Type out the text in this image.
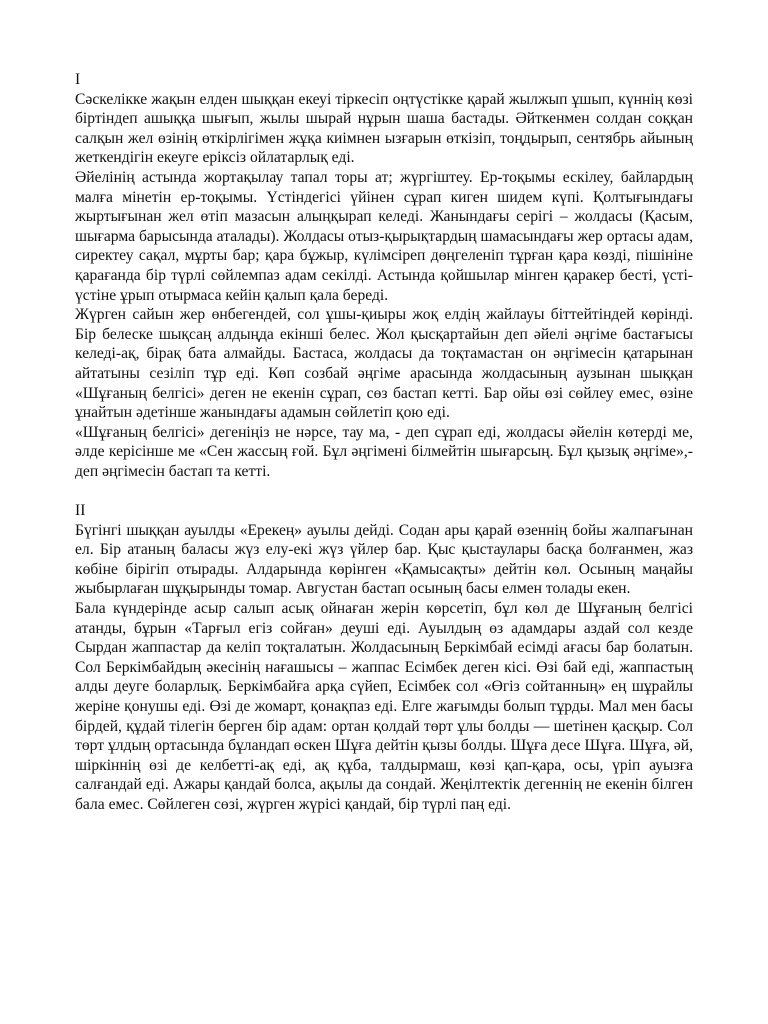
I

Сәскелікке жақын елден шыққан екеуі тіркесіп оңтүстікке қарай жылжып ұшып, күннің көзі біртіндеп ашыққа шығып, жылы шырай нұрын шаша бастады. Әйткенмен солдан соққан салқын жел өзінің өткірлігімен жұқа киімнен ызғарын өткізіп, тоңдырып, сентябрь айының жеткендігін екеуге ерiксiз ойлатарлық еді.

Әйелінің астында жортақылау тапал торы ат; жүргіштеу. Ер-тоқымы ескілеу, байлардың малға мінетін ер-тоқымы. Үстіндегісі үйінен сұрап киген шидем күпі. Қолтығындағы жыртығынан жел өтіп мазасын алыңқырап келеді. Жанындағы серігі – жолдасы (Қасым, шығарма барысында аталады). Жолдасы отыз-қырықтардың шамасындағы жер ортасы адам, сиректеу сақал, мұрты бар; қара бұжыр, күлімсіреп дөңгеленіп тұрған қара көзді, пішініне қарағанда бір түрлі сөйлемпаз адам секілді. Астында қойшылар мінген қаракер бесті, үсті-үстіне ұрып отырмаса кейін қалып қала береді.

Жүрген сайын жер өнбегендей, сол ұшы-қиыры жоқ елдің жайлауы біттейтіндей көрінді. Бір белеске шықсаң алдыңда екінші белес. Жол қысқартайын деп әйелі әңгіме бастағысы келеді-ақ, бірақ бата алмайды. Бастаса, жолдасы да тоқтамастан он әңгімесін қатарынан айтатыны сезіліп тұр еді. Көп созбай әңгіме арасында жолдасының аузынан шыққан «Шұғаның белгісі» деген не екенін сұрап, сөз бастап кетті. Бар ойы өзі сөйлеу емес, өзіне ұнайтын әдетінше жанындағы адамын сөйлетіп қою еді.

«Шұғаның белгісі» дегеніңіз не нәрсе, тау ма, - деп сұрап еді, жолдасы әйелін көтерді ме, әлде керісінше ме «Сен жассың ғой. Бұл әңгімені білмейтін шығарсың. Бұл қызық әңгіме»,-деп әңгімесін бастап та кетті.

II

Бүгінгі шыққан ауылды «Ерекең» ауылы дейді. Содан ары қарай өзеннің бойы жалпағынан ел. Бір атаның баласы жүз елу-екі жүз үйлер бар. Қыс қыстаулары басқа болғанмен, жаз көбіне бірігіп отырады. Алдарында көрінген «Қамысақты» дейтін көл. Осының маңайы жыбырлаған шұқырынды томар. Августан бастап осының басы елмен толады екен.

Бала күндерінде асыр салып асық ойнаған жерін көрсетіп, бұл көл де Шұғаның белгісі атанды, бұрын «Тарғыл егіз сойған» деуші еді. Ауылдың өз адамдары аздай сол кезде Сырдан жаппастар да келіп тоқталатын. Жолдасының Беркімбай есімді ағасы бар болатын. Сол Беркімбайдың әкесінің нағашысы – жаппас Есімбек деген кісі. Өзі бай еді, жаппастың алды деуге боларлық. Беркімбайға арқа сүйеп, Есімбек сол «Өгіз сойтанның» ең шұрайлы жеріне қонушы еді. Өзі де жомарт, қонақпаз еді. Елге жағымды болып тұрды. Мал мен басы бірдей, құдай тілегін берген бір адам: ортан қолдай төрт ұлы болды — шетінен қасқыр. Сол төрт ұлдың ортасында бұландап өскен Шұға дейтін қызы болды. Шұға десе Шұға. Шұға, әй, шіркіннің өзі де келбетті-ақ еді, ақ құба, талдырмаш, көзі қап-қара, осы, үріп ауызға салғандай еді. Ажары қандай болса, ақылы да сондай. Жеңілтектік дегеннің не екенін білген бала емес. Сөйлеген сөзі, жүрген жүрісі қандай, бір түрлі паң еді.
